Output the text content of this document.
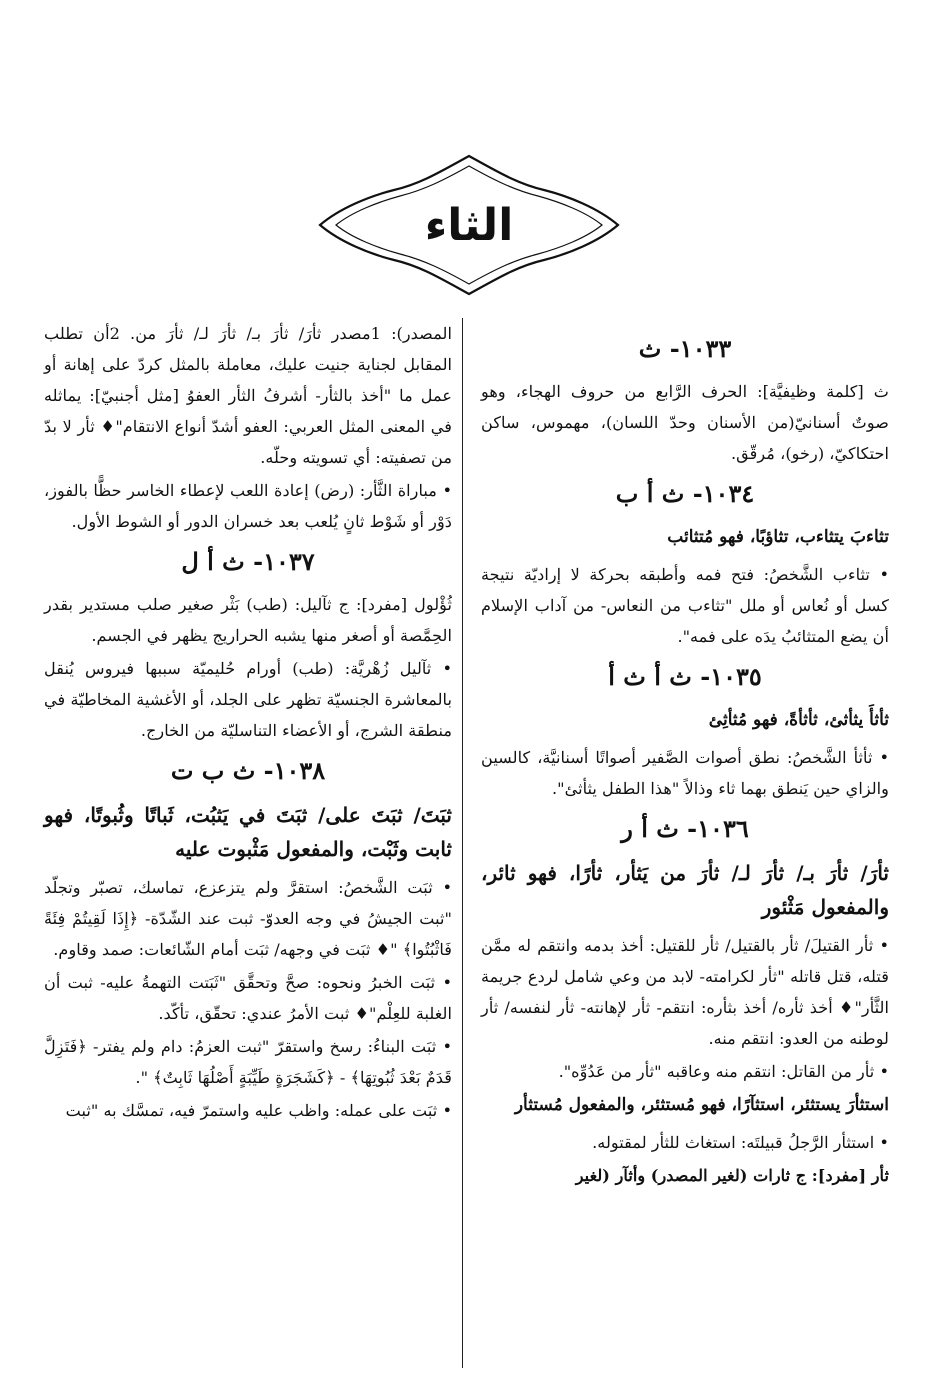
الثاء
١٠٣٣- ث

ث [كلمة وظيفيَّة]: الحرف الرَّابع من حروف الهجاء، وهو صوتٌ أسنانيّ(من الأسنان وحدّ اللسان)، مهموس، ساكن احتكاكيّ، (رخو)، مُرقّق.

١٠٣٤- ث أ ب
تثاءبَ يتثاءب، تثاؤبًا، فهو مُتثائب

• تثاءب الشَّخصُ: فتح فمه وأطبقه بحركة لا إراديّة نتيجة كسل أو نُعاس أو ملل "تثاءب من النعاس- من آداب الإسلام أن يضع المتثائبُ يدَه على فمه".

١٠٣٥- ث أ ث أ
ثأثأَ يثأثئ، ثأثأةً، فهو مُثأثِئ

• ثأثأ الشَّخصُ: نطق أصوات الصَّفير أصواتًا أسنانيَّة، كالسين والزاي حين يَنطق بهما ثاء وذالاً "هذا الطفل يثأثئ".

١٠٣٦- ث أ ر
ثأرَ/ ثأرَ بـ/ ثأرَ لـ/ ثأرَ من يَثأر، ثأرًا، فهو ثائر، والمفعول مَثْئور

• ثأر القتيلَ/ ثأر بالقتيل/ ثأر للقتيل: أخذ بدمه وانتقم له ممَّن قتله، قتل قاتله "ثأر لكرامته- لابد من وعي شامل لردع جريمة الثَّأر"♦ أخذ ثأره/ أخذ بثأره: انتقم- ثأر لإهانته- ثأر لنفسه/ ثأر لوطنه من العدو: انتقم منه.

• ثأر من القاتل: انتقم منه وعاقبه "ثأر من عَدُوِّه".

استثأرَ يستثئر، استثآرًا، فهو مُستثئر، والمفعول مُستثأر

• استثأر الرَّجلُ قبيلتَه: استغاث للثأر لمقتوله.

ثأر [مفرد]: ج ثارات (لغير المصدر) وأثآر (لغير

المصدر): 1مصدر ثأرَ/ ثأرَ بـ/ ثأرَ لـ/ ثأرَ من. 2أن تطلب المقابل لجناية جنيت عليك، معاملة بالمثل كردّ على إهانة أو عمل ما "أخذ بالثأر- أشرفُ الثأر العفوُ [مثل أجنبيّ]: يماثله في المعنى المثل العربي: العفو أشدّ أنواع الانتقام"♦ ثأر لا بدّ من تصفيته: أي تسويته وحلّه.

• مباراة الثَّأر: (رض) إعادة اللعب لإعطاء الخاسر حظًّا بالفوز، دَوْر أو شَوْط ثانٍ يُلعب بعد خسران الدور أو الشوط الأول.

١٠٣٧- ث أ ل

ثُؤْلول [مفرد]: ج ثآليل: (طب) بَثْر صغير صلب مستدير بقدر الحِمَّصة أو أصغر منها يشبه الحراريج يظهر في الجسم.

• ثآليل زُهْريَّة: (طب) أورام حُليميّة سببها فيروس يُنقل بالمعاشرة الجنسيّة تظهر على الجلد، أو الأغشية المخاطيّة في منطقة الشرج، أو الأعضاء التناسليّة من الخارج.

١٠٣٨- ث ب ت
ثبَتَ/ ثبَتَ على/ ثبَتَ في يَثبُت، ثَباتًا وثُبوتًا، فهو ثابت وثَبْت، والمفعول مَثْبوت عليه

• ثبَت الشَّخصُ: استقرَّ ولم يتزعزع، تماسك، تصبّر وتجلّد "ثبت الجيشُ في وجه العدوّ- ثبت عند الشّدّة- ﴿إِذَا لَقِيتُمْ فِئَةً فَاثْبُتُوا﴾ "♦ ثبَت في وجهه/ ثبَت أمام الشّائعات: صمد وقاوم.

• ثبَت الخبرُ ونحوه: صحَّ وتحقَّق "ثَبَتت التهمةُ عليه- ثبت أن الغلبة للعِلْم"♦ ثبت الأمرُ عندي: تحقّق، تأكّد.

• ثبَت البناءُ: رسخ واستقرّ "ثبت العزمُ: دام ولم يفتر- ﴿فَتَزِلَّ قَدَمٌ بَعْدَ ثُبُوتِهَا﴾ - ﴿كَشَجَرَةٍ طَيِّبَةٍ أَصْلُهَا ثَابِتٌ﴾ ".

• ثبَت على عمله: واظب عليه واستمرّ فيه، تمسَّك به "ثبت
